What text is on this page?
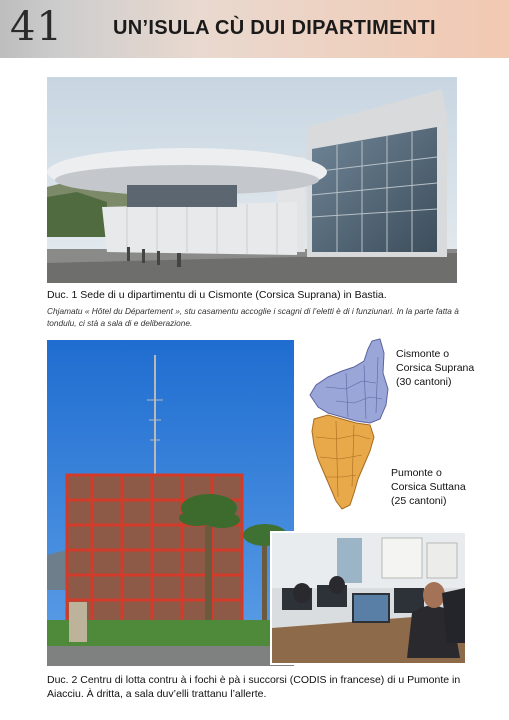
41	UN’ISULA CÙ DUI DIPARTIMENTI
Duc. 1 Sede di u dipartimentu di u Cismonte (Corsica Suprana) in Bastia.
Chjamatu « Hôtel du Département », stu casamentu accoglie i scagni di l’eletti è di i funziunari. In la parte fatta à tondulu, ci stà a sala di e deliberazione.
Cismonte o
Corsica Suprana
(30 cantoni)
Pumonte o
Corsica Suttana
(25 cantoni)
Duc. 2 Centru di lotta contru à i fochi è pà i succorsi (CODIS in francese) di u Pumonte in Aiacciu. À dritta, a sala duv’elli trattanu l’allerte.
